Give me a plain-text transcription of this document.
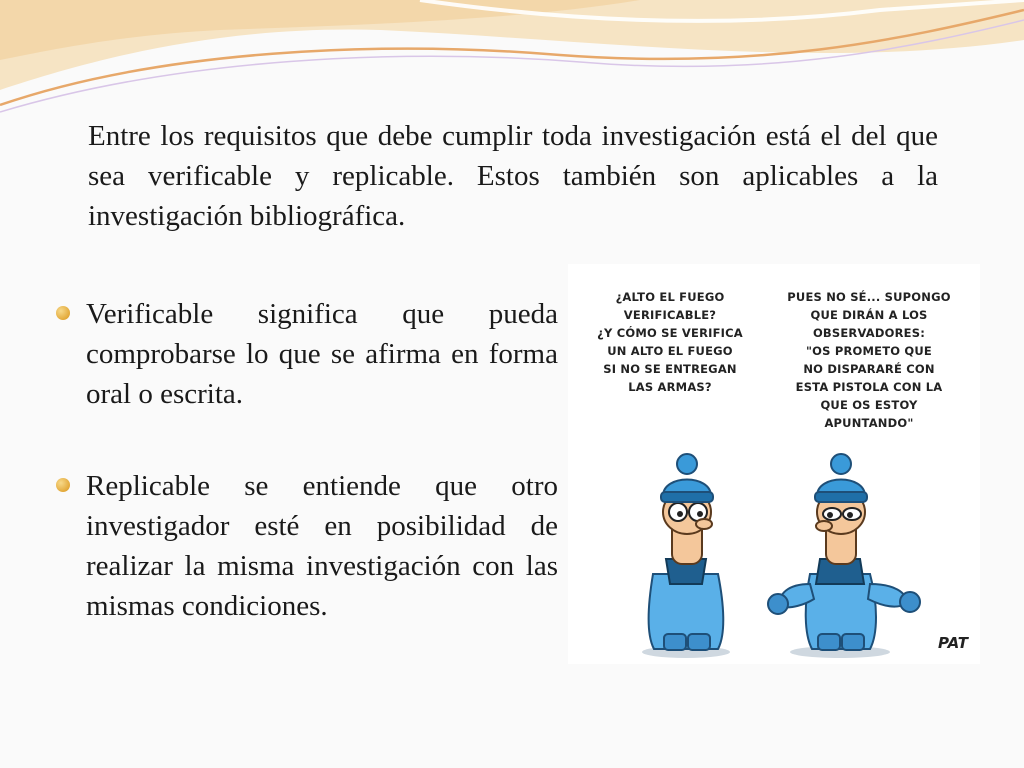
Entre los requisitos que debe cumplir toda investigación está el del que sea verificable y replicable. Estos también son aplicables a la investigación bibliográfica.

Verificable significa que pueda comprobarse lo que se afirma en forma oral o escrita.
Replicable se entiende que otro investigador esté en posibilidad de realizar la misma investigación con las mismas condiciones.

¿ALTO EL FUEGO
VERIFICABLE?
¿Y CÓMO SE VERIFICA
UN ALTO EL FUEGO
SI NO SE ENTREGAN
LAS ARMAS?

PUES NO SÉ... SUPONGO
QUE DIRÁN A LOS
OBSERVADORES:
"OS PROMETO QUE
NO DISPARARÉ CON
ESTA PISTOLA CON LA
QUE OS ESTOY
APUNTANDO"

PAT
